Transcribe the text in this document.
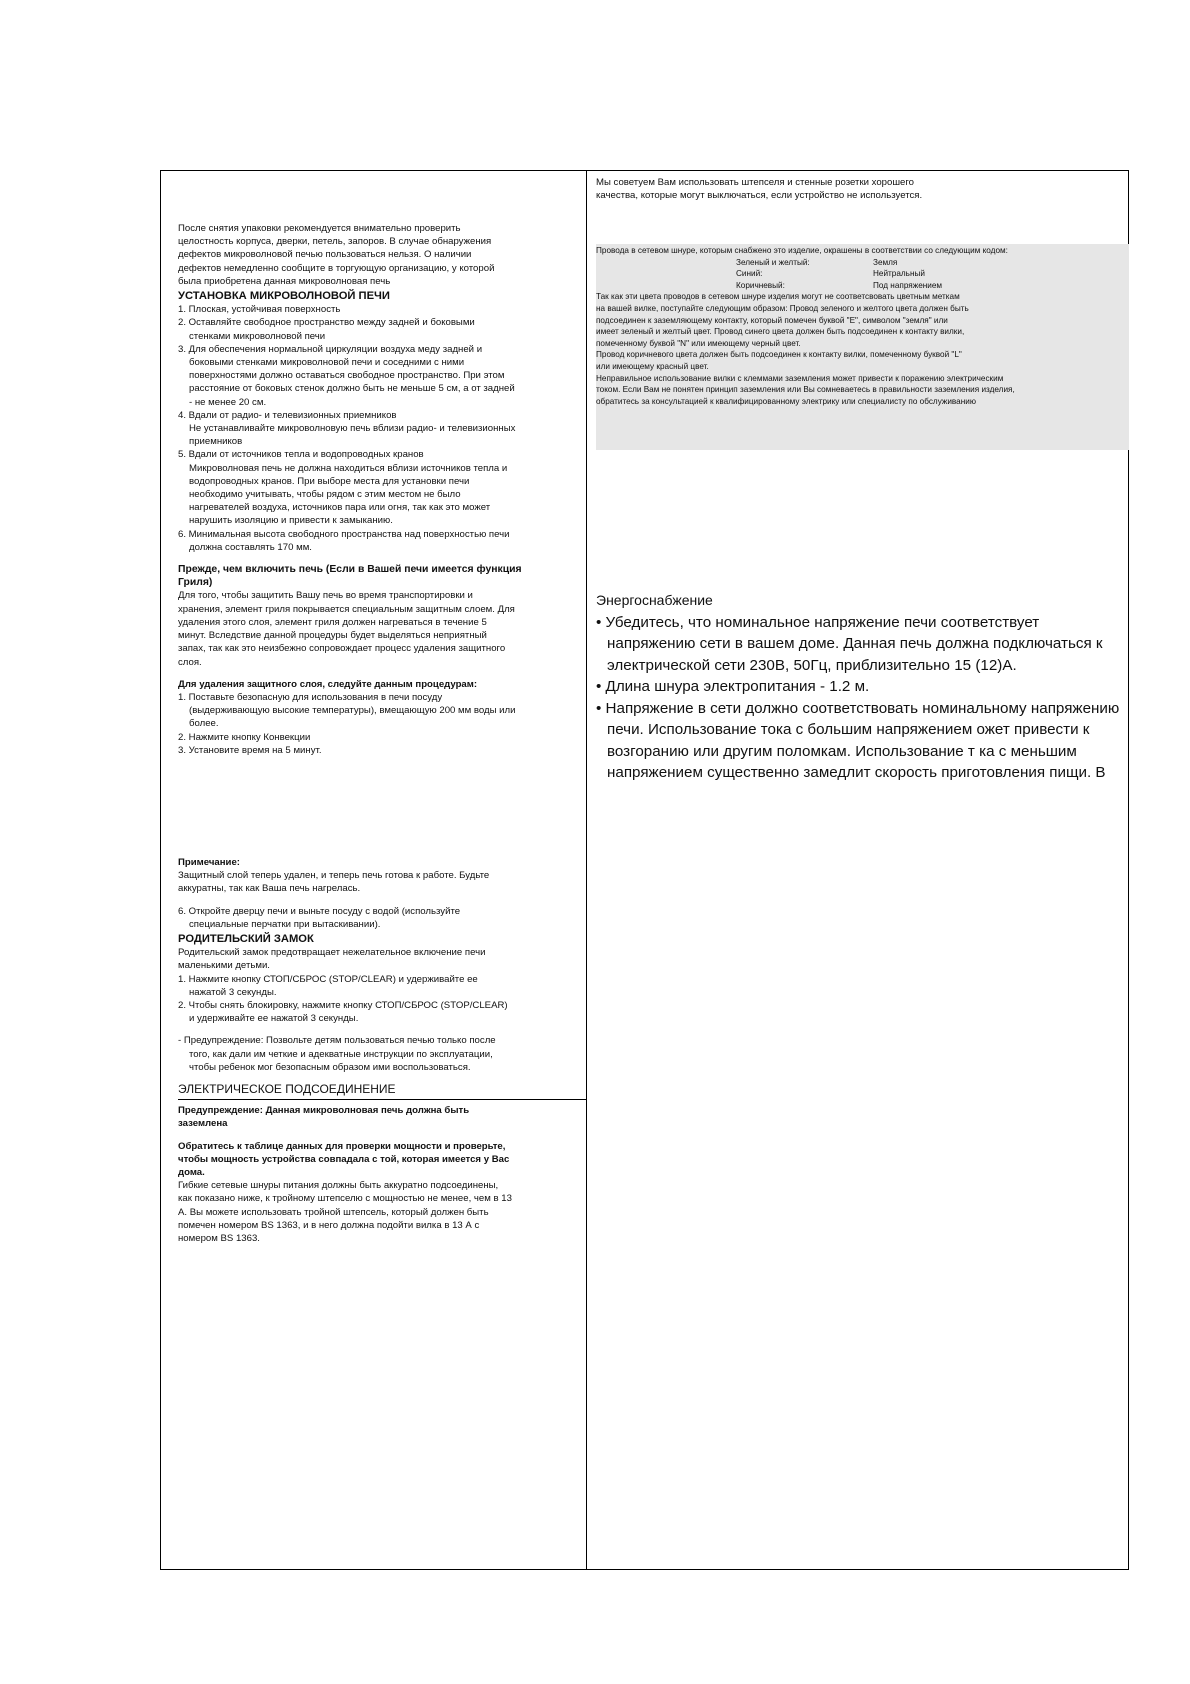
После снятия упаковки рекомендуется внимательно проверить

целостность корпуса, дверки, петель, запоров. В случае обнаружения

дефектов микроволновой печью пользоваться нельзя. О наличии

дефектов немедленно сообщите в торгующую организацию, у которой

была приобретена данная микроволновая печь

УСТАНОВКА МИКРОВОЛНОВОЙ ПЕЧИ

1. Плоская, устойчивая поверхность

2. Оставляйте свободное пространство между задней и боковыми

стенками микроволновой печи

3. Для обеспечения нормальной циркуляции воздуха меду задней и

боковыми стенками микроволновой печи и соседними с ними

поверхностями должно оставаться свободное пространство. При этом

расстояние от боковых стенок должно быть не меньше 5 см, а от задней

- не менее 20 см.

4. Вдали от радио- и телевизионных приемников

Не устанавливайте микроволновую печь вблизи радио- и телевизионных

приемников

5. Вдали от источников тепла и водопроводных кранов

Микроволновая печь не должна находиться вблизи источников тепла и

водопроводных кранов. При выборе места для установки печи

необходимо учитывать, чтобы рядом с этим местом не было

нагревателей воздуха, источников пара или огня, так как это может

нарушить изоляцию и привести к замыканию.

6. Минимальная высота свободного пространства над поверхностью печи

должна составлять 170 мм.

Прежде, чем включить печь (Если в Вашей печи имеется функция

Гриля)

Для того, чтобы защитить Вашу печь во время транспортировки и

хранения, элемент гриля покрывается специальным защитным слоем. Для

удаления этого слоя, элемент гриля должен нагреваться в течение 5

минут. Вследствие данной процедуры будет выделяться неприятный

запах, так как это неизбежно сопровождает процесс удаления защитного

слоя.

Для удаления защитного слоя, следуйте данным процедурам:

1. Поставьте безопасную для использования в печи посуду

(выдерживающую высокие температуры), вмещающую 200 мм воды или

более.

2. Нажмите кнопку Конвекции

3. Установите время на 5 минут.

Примечание:

Защитный слой теперь удален, и теперь печь готова к работе. Будьте

аккуратны, так как Ваша печь нагрелась.

6. Откройте дверцу печи и выньте посуду с водой (используйте

специальные перчатки при вытаскивании).

РОДИТЕЛЬСКИЙ ЗАМОК

Родительский замок предотвращает нежелательное включение печи

маленькими детьми.

1. Нажмите кнопку СТОП/СБРОС (STOP/CLEAR) и удерживайте ее

нажатой 3 секунды.

2. Чтобы снять блокировку, нажмите кнопку СТОП/СБРОС (STOP/CLEAR)

и удерживайте ее нажатой 3 секунды.

- Предупреждение: Позвольте детям пользоваться печью только после

того, как дали им четкие и адекватные инструкции по эксплуатации,

чтобы ребенок мог безопасным образом ими воспользоваться.

ЭЛЕКТРИЧЕСКОЕ ПОДСОЕДИНЕНИЕ

Предупреждение: Данная микроволновая печь должна быть

заземлена

Обратитесь к таблице данных для проверки мощности и проверьте,

чтобы мощность устройства совпадала с той, которая имеется у Вас

дома.

Гибкие сетевые шнуры питания должны быть аккуратно подсоединены,

как показано ниже, к тройному штепселю с мощностью не менее, чем в 13

А. Вы можете использовать тройной штепсель, который должен быть

помечен номером BS 1363, и в него должна подойти вилка в 13 А с

номером BS 1363.

Мы советуем Вам использовать штепселя и стенные розетки хорошего

качества, которые могут выключаться, если устройство не используется.

Провода в сетевом шнуре, которым снабжено это изделие, окрашены в соответствии со следующим кодом:

Зеленый и желтый:	Земля
Синий:	Нейтральный
Коричневый:	Под напряжением

Так как эти цвета проводов в сетевом шнуре изделия могут не соответсвовать цветным меткам

на вашей вилке, поступайте следующим образом: Провод зеленого и желтого цвета должен быть

подсоединен к заземляющему контакту, который помечен буквой "E", символом "земля" или

имеет зеленый и желтый цвет. Провод синего цвета должен быть подсоединен к контакту вилки,

помеченному буквой "N" или имеющему черный цвет.

Провод коричневого цвета должен быть подсоединен к контакту вилки, помеченному буквой "L"

или имеющему красный цвет.

Неправильное использование вилки с клеммами заземления может привести к поражению электрическим

током. Если Вам не понятен принцип заземления или Вы сомневаетесь в правильности заземления изделия,

обратитесь за консультацией к квалифицированному электрику или специалисту по обслуживанию

Энергоснабжение

• Убедитесь, что номинальное напряжение печи соответствует

напряжению сети в вашем доме. Данная печь должна подключаться к

электрической сети 230В, 50Гц, приблизительно 15 (12)А.

• Длина шнура электропитания - 1.2 м.

• Напряжение в сети должно соответствовать номинальному напряжению

печи. Использование тока с большим напряжением ожет привести к

возгоранию или другим поломкам. Использование т ка с меньшим

напряжением существенно замедлит скорость приготовления пищи. В
